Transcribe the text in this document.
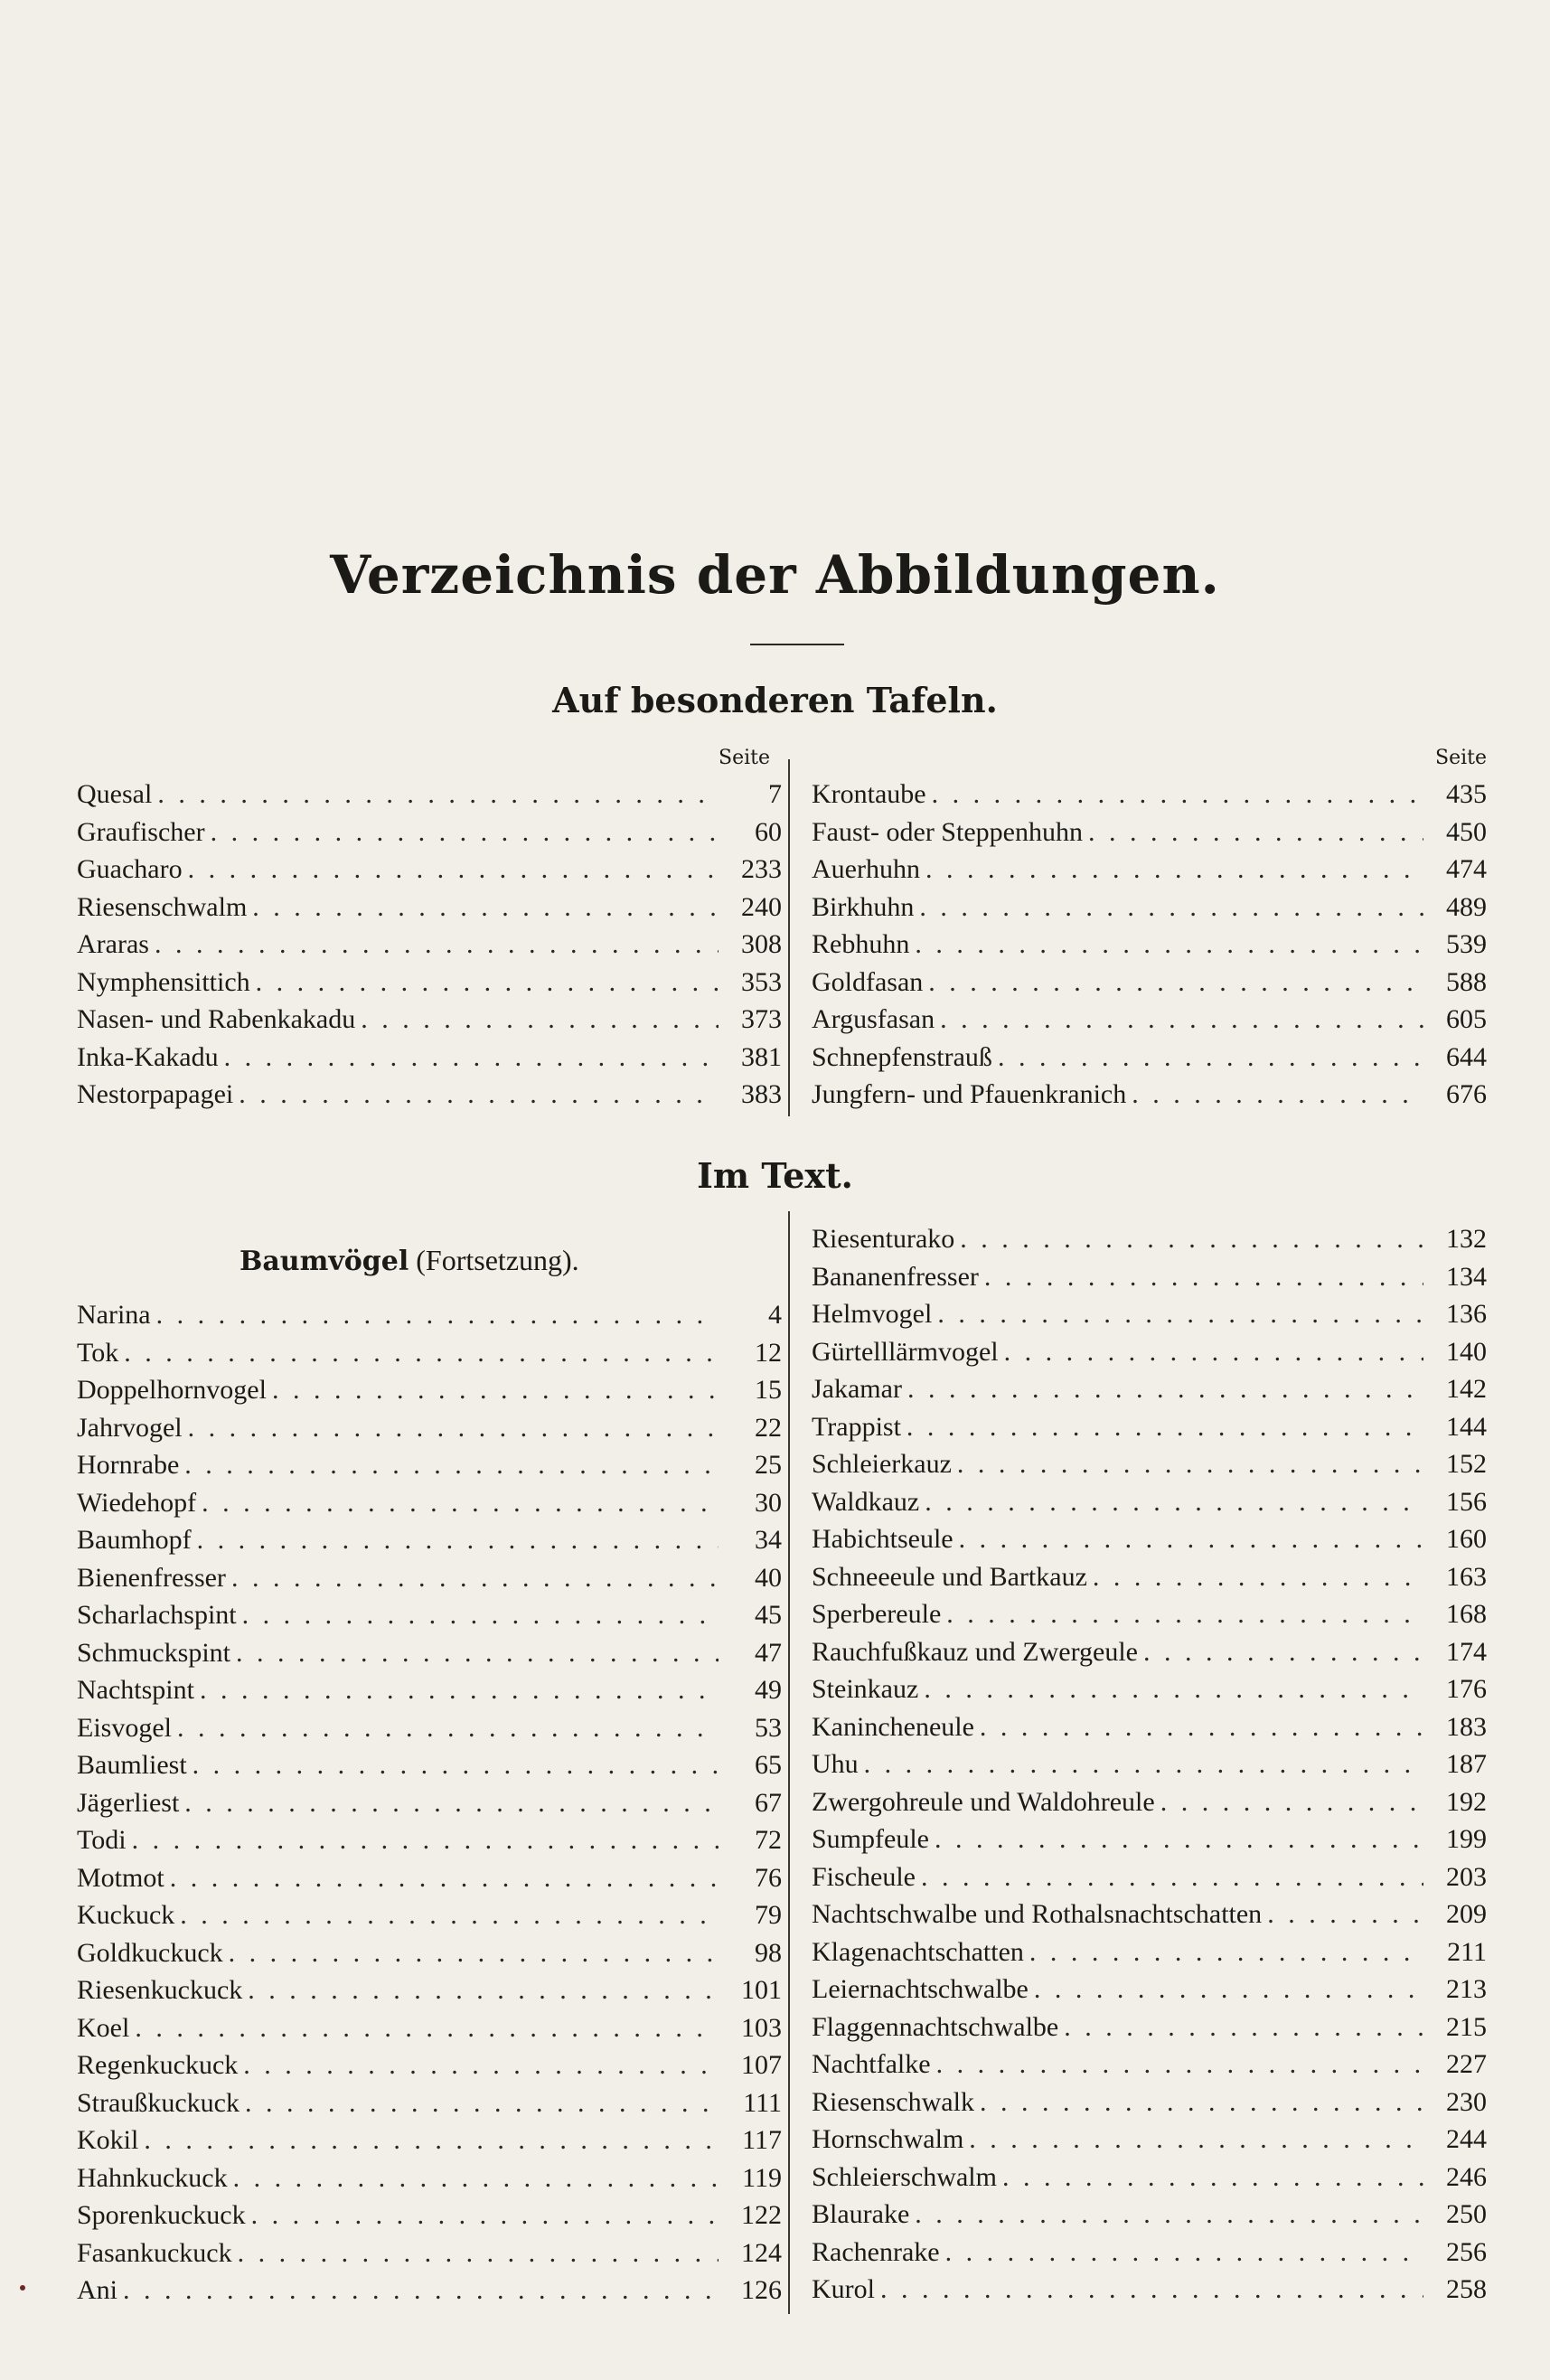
Verzeichnis der Abbildungen.
Auf besonderen Tafeln.
Seite	Seite
Quesal . . .	7
Graufischer . . .	60
Guacharo . . .	233
Riesenschwalm . . .	240
Araras . . .	308
Nymphensittich . . .	353
Nasen- und Rabenkakadu . . .	373
Inka-Kakadu . . .	381
Nestorpapagei . . .	383
Krontaube . . .	435
Faust- oder Steppenhuhn . . .	450
Auerhuhn . . .	474
Birkhuhn . . .	489
Rebhuhn . . .	539
Goldfasan . . .	588
Argusfasan . . .	605
Schnepfenstrauß . . .	644
Jungfern- und Pfauenkranich . . .	676
Im Text.
Baumvögel (Fortsetzung).
Narina . . .	4
Tok . . .	12
Doppelhornvogel . . .	15
Jahrvogel . . .	22
Hornrabe . . .	25
Wiedehopf . . .	30
Baumhopf . . .	34
Bienenfresser . . .	40
Scharlachspint . . .	45
Schmuckspint . . .	47
Nachtspint . . .	49
Eisvogel . . .	53
Baumliest . . .	65
Jägerliest . . .	67
Todi . . .	72
Motmot . . .	76
Kuckuck . . .	79
Goldkuckuck . . .	98
Riesenkuckuck . . .	101
Koel . . .	103
Regenkuckuck . . .	107
Straußkuckuck . . .	111
Kokil . . .	117
Hahnkuckuck . . .	119
Sporenkuckuck . . .	122
Fasankuckuck . . .	124
Ani . . .	126
Riesenturako . . .	132
Bananenfresser . . .	134
Helmvogel . . .	136
Gürtelllärmvogel . . .	140
Jakamar . . .	142
Trappist . . .	144
Schleierkauz . . .	152
Waldkauz . . .	156
Habichtseule . . .	160
Schneeeule und Bartkauz . . .	163
Sperbereule . . .	168
Rauchfußkauz und Zwergeule . . .	174
Steinkauz . . .	176
Kanincheneule . . .	183
Uhu . . .	187
Zwergohreule und Waldohreule . . .	192
Sumpfeule . . .	199
Fischeule . . .	203
Nachtschwalbe und Rothalsnachtschatten . . .	209
Klagenachtschatten . . .	211
Leiernachtschwalbe . . .	213
Flaggennachtschwalbe . . .	215
Nachtfalke . . .	227
Riesenschwalk . . .	230
Hornschwalm . . .	244
Schleierschwalm . . .	246
Blaurake . . .	250
Rachenrake . . .	256
Kurol . . .	258
